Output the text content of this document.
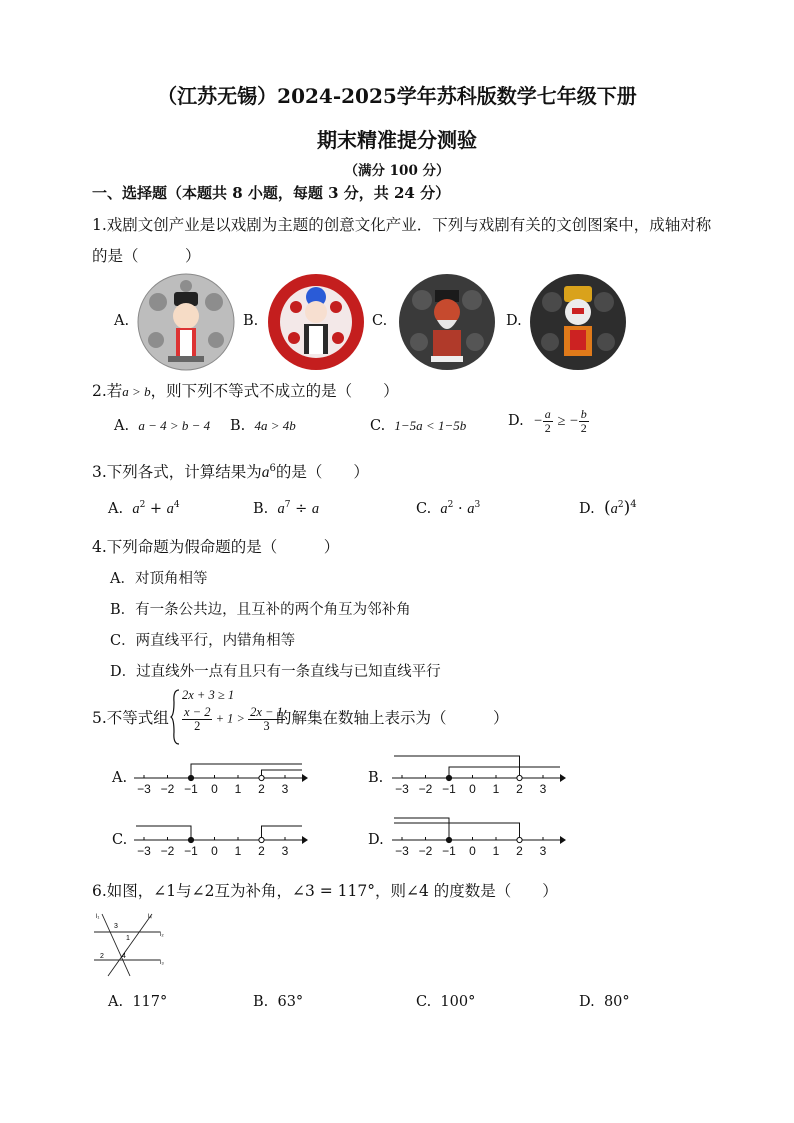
（江苏无锡）2024-2025学年苏科版数学七年级下册
期末精准提分测验
（满分 100 分）
一、选择题（本题共 8 小题，每题 3 分，共 24 分）
1.戏剧文创产业是以戏剧为主题的创意文化产业．下列与戏剧有关的文创图案中，成轴对称
的是（　　　）
A.	B.	C.	D.
2.若a > b，则下列不等式不成立的是（　　）
A. a − 4 > b − 4 B. 4a > 4b	C. 1−5a < 1−5b	D. − $\frac{a}{2}$ ≥ − $\frac{b}{2}$
3.下列各式，计算结果为$a^6$的是（　　）
A. $a^2 + a^4$	B. $a^7 \div a$	C. $a^2 \cdot a^3$	D. $(a^2)^4$
4.下列命题为假命题的是（　　　）
A．对顶角相等
B．有一条公共边，且互补的两个角互为邻补角
C．两直线平行，内错角相等
D．过直线外一点有且只有一条直线与已知直线平行
5.不等式组
2x + 3 ≥ 1
$\frac{x - 2}{2} + 1 > \frac{2x - 1}{3}$
的解集在数轴上表示为（　　　）
A.	B.
C.	D.
−3 −2 −1 0 1 2 3	−3 −2 −1 0 1 2 3
−3 −2 −1 0 1 2 3	−3 −2 −1 0 1 2 3
6.如图，∠1与∠2互为补角，∠3 = 117°，则∠4 的度数是（　　）
l₁	l₄
l₂
l₃
3
1
2	4
A. 117°	B. 63°	C. 100°	D. 80°
